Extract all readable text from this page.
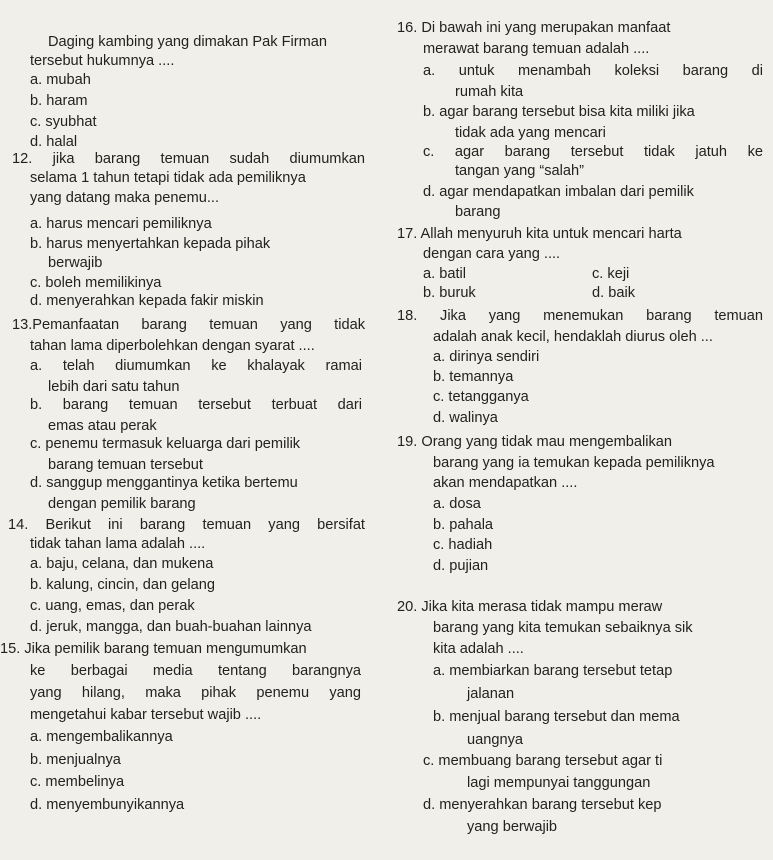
Daging kambing yang dimakan Pak Firman
tersebut hukumnya ....
a. mubah
b. haram
c. syubhat
d. halal
12. jika barang temuan sudah diumumkan
selama 1 tahun tetapi tidak ada pemiliknya
yang datang maka penemu...
a. harus mencari pemiliknya
b. harus menyertahkan kepada pihak
berwajib
c. boleh memilikinya
d. menyerahkan kepada fakir miskin
13.Pemanfaatan barang temuan yang tidak
tahan lama diperbolehkan dengan syarat ....
a. telah diumumkan ke khalayak ramai
lebih dari satu tahun
b. barang temuan tersebut terbuat dari
emas atau perak
c. penemu termasuk keluarga dari pemilik
barang temuan tersebut
d. sanggup menggantinya ketika bertemu
dengan pemilik barang
14. Berikut ini barang temuan yang bersifat
tidak tahan lama adalah ....
a. baju, celana, dan mukena
b. kalung, cincin, dan gelang
c. uang, emas, dan perak
d. jeruk, mangga, dan buah-buahan lainnya
15. Jika pemilik barang temuan mengumumkan
ke berbagai media tentang barangnya
yang hilang, maka pihak penemu yang
mengetahui kabar tersebut wajib ....
a. mengembalikannya
b. menjualnya
c. membelinya
d. menyembunyikannya
16. Di bawah ini yang merupakan manfaat
merawat barang temuan adalah ....
a. untuk menambah koleksi barang di
rumah kita
b. agar barang tersebut bisa kita miliki jika
tidak ada yang mencari
c. agar barang tersebut tidak jatuh ke
tangan yang “salah”
d. agar mendapatkan imbalan dari pemilik
barang
17. Allah menyuruh kita untuk mencari harta
dengan cara yang ....
a. batil	c. keji
b. buruk	d. baik
18. Jika yang menemukan barang temuan
adalah anak kecil, hendaklah diurus oleh ...
a. dirinya sendiri
b. temannya
c. tetangganya
d. walinya
19. Orang yang tidak mau mengembalikan
barang yang ia temukan kepada pemiliknya
akan mendapatkan ....
a. dosa
b. pahala
c. hadiah
d. pujian
20. Jika kita merasa tidak mampu meraw
barang yang kita temukan sebaiknya sik
kita adalah ....
a. membiarkan barang tersebut tetap
jalanan
b. menjual barang tersebut dan mema
uangnya
c. membuang barang tersebut agar ti
lagi mempunyai tanggungan
d. menyerahkan barang tersebut kep
yang berwajib
